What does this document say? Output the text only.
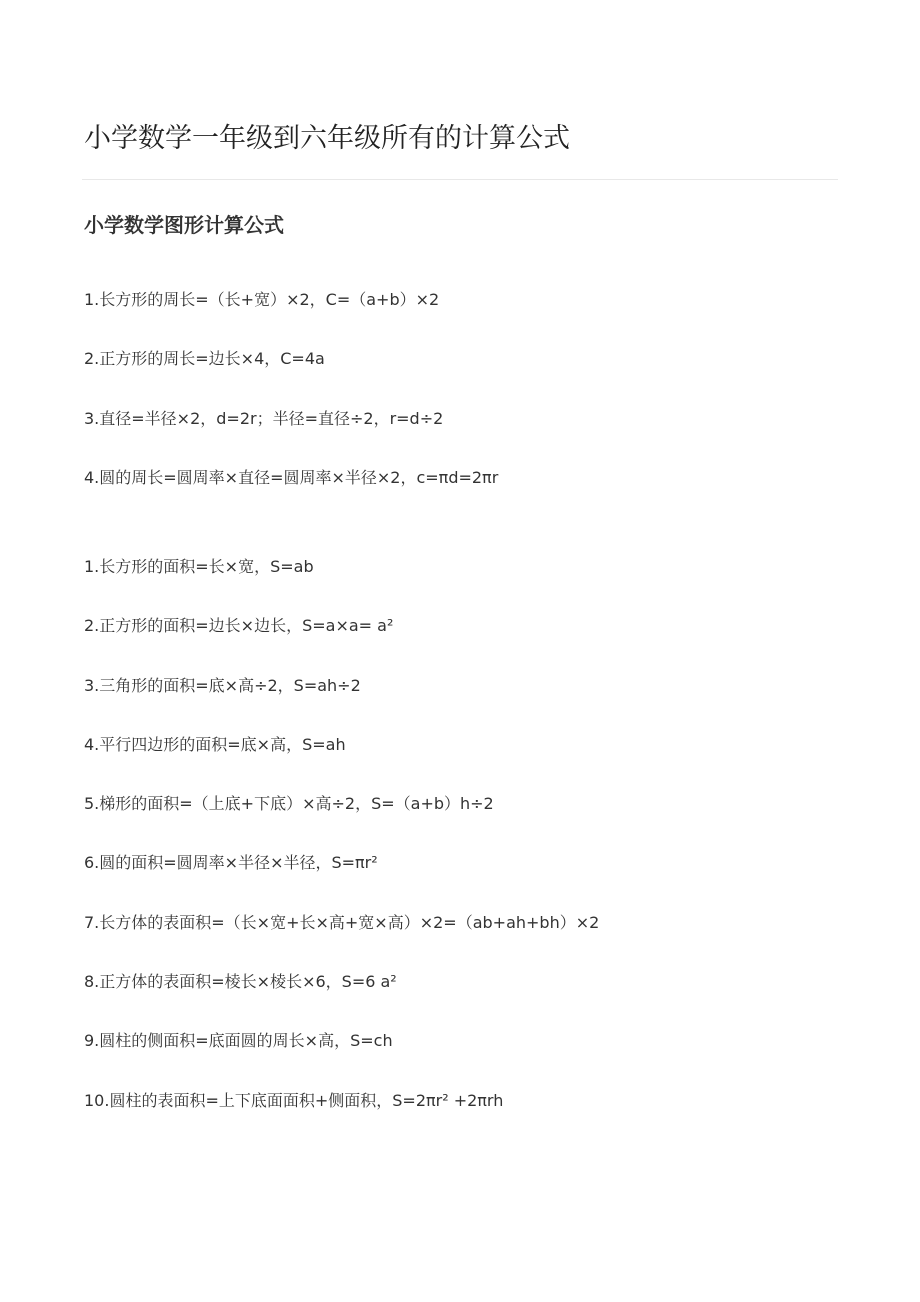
小学数学一年级到六年级所有的计算公式
小学数学图形计算公式
1.长方形的周长=（长+宽）×2，C=（a+b）×2
2.正方形的周长=边长×4，C=4a
3.直径=半径×2，d=2r；半径=直径÷2，r=d÷2
4.圆的周长=圆周率×直径=圆周率×半径×2，c=πd=2πr
1.长方形的面积=长×宽，S=ab
2.正方形的面积=边长×边长，S=a×a= a²
3.三角形的面积=底×高÷2，S=ah÷2
4.平行四边形的面积=底×高，S=ah
5.梯形的面积=（上底+下底）×高÷2，S=（a+b）h÷2
6.圆的面积=圆周率×半径×半径，S=πr²
7.长方体的表面积=（长×宽+长×高+宽×高）×2=（ab+ah+bh）×2
8.正方体的表面积=棱长×棱长×6，S=6 a²
9.圆柱的侧面积=底面圆的周长×高，S=ch
10.圆柱的表面积=上下底面面积+侧面积，S=2πr² +2πrh
